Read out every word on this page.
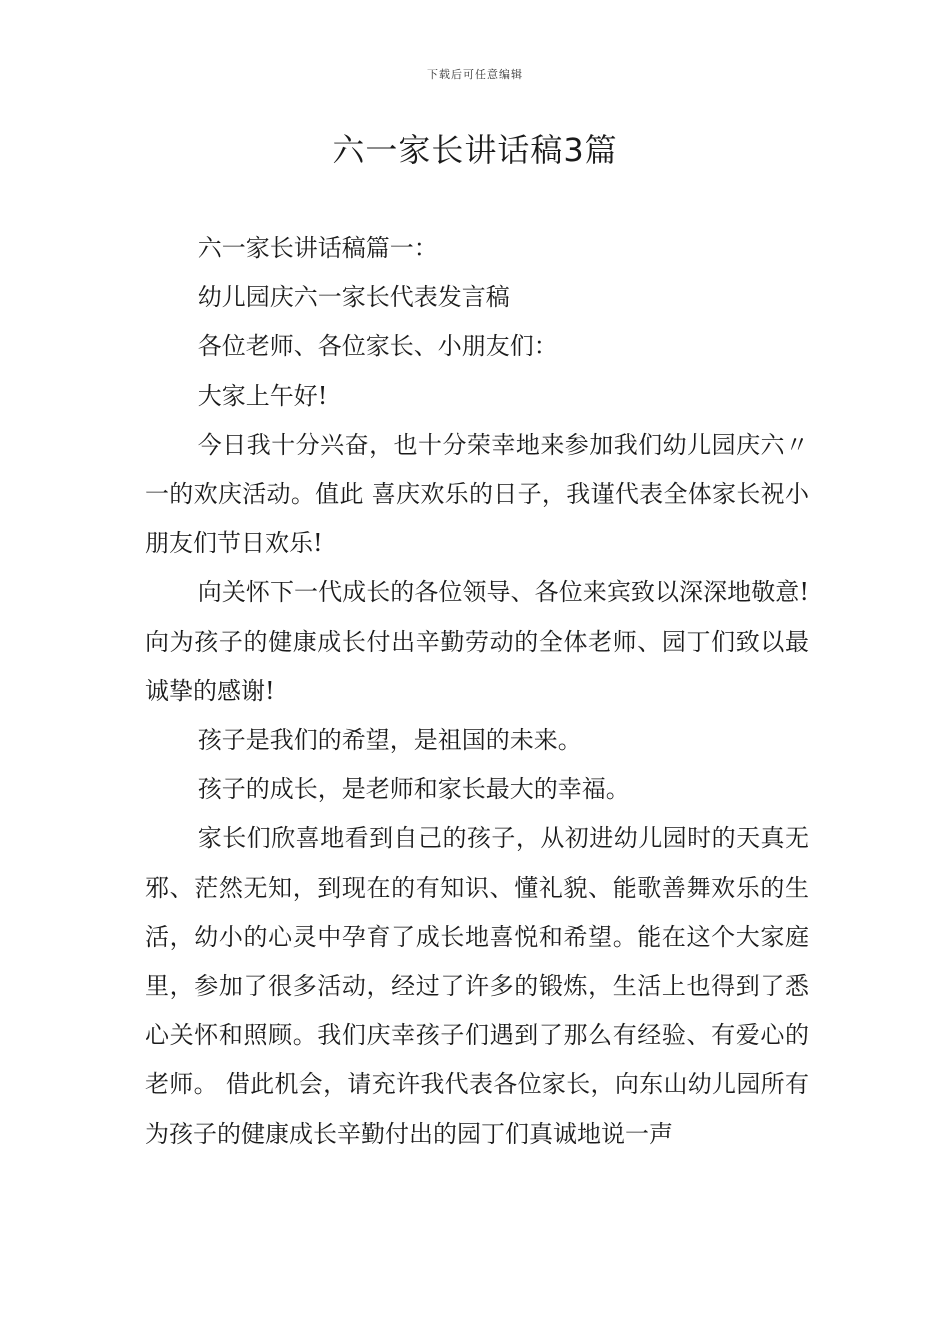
下载后可任意编辑
六一家长讲话稿3篇

六一家长讲话稿篇一：

幼儿园庆六一家长代表发言稿

各位老师、各位家长、小朋友们：

大家上午好!

今日我十分兴奋，也十分荣幸地来参加我们幼儿园庆六〃一的欢庆活动。值此 喜庆欢乐的日子，我谨代表全体家长祝小朋友们节日欢乐!

向关怀下一代成长的各位领导、各位来宾致以深深地敬意! 向为孩子的健康成长付出辛勤劳动的全体老师、园丁们致以最诚挚的感谢!

孩子是我们的希望，是祖国的未来。

孩子的成长，是老师和家长最大的幸福。

家长们欣喜地看到自己的孩子，从初进幼儿园时的天真无邪、茫然无知，到现在的有知识、懂礼貌、能歌善舞欢乐的生活，幼小的心灵中孕育了成长地喜悦和希望。能在这个大家庭里，参加了很多活动，经过了许多的锻炼，生活上也得到了悉心关怀和照顾。我们庆幸孩子们遇到了那么有经验、有爱心的老师。 借此机会，请充许我代表各位家长，向东山幼儿园所有为孩子的健康成长辛勤付出的园丁们真诚地说一声
